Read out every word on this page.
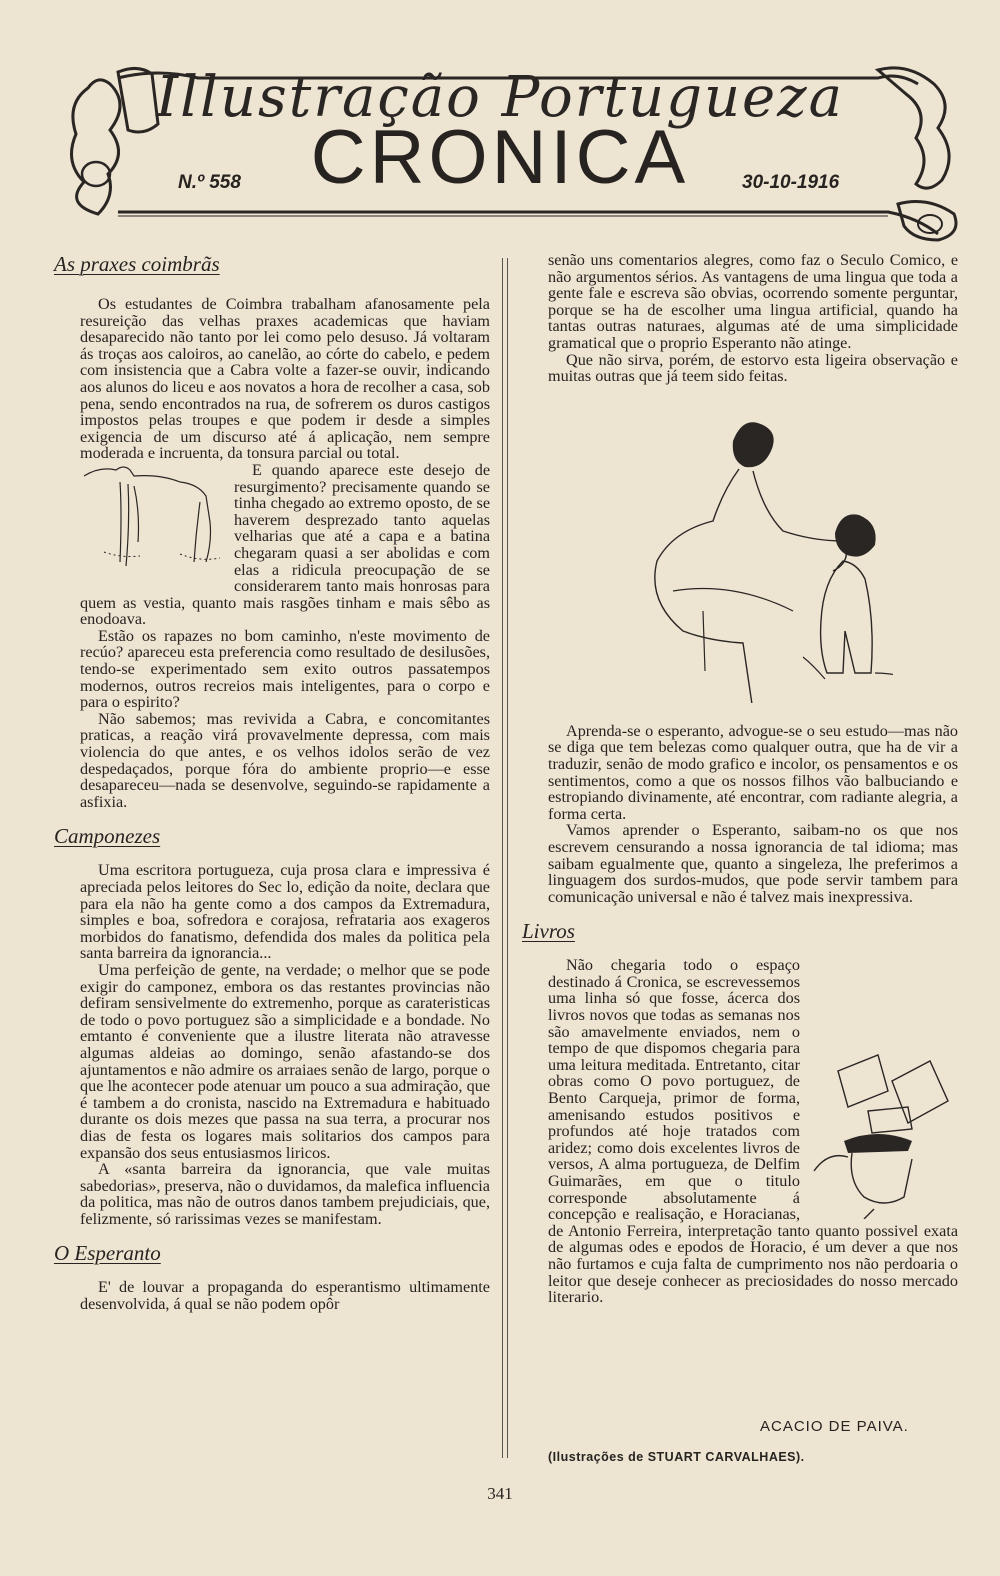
Illustração Portugueza
N.º 558 CRONICA	30-10-1916
As praxes coimbrãs

Os estudantes de Coimbra trabalham afanosamente pela resureição das velhas praxes academicas que haviam desaparecido não tanto por lei como pelo desuso. Já voltaram ás troças aos caloiros, ao canelão, ao córte do cabelo, e pedem com insistencia que a Cabra volte a fazer-se ouvir, indicando aos alunos do liceu e aos novatos a hora de recolher a casa, sob pena, sendo encontrados na rua, de sofrerem os duros castigos impostos pelas troupes e que podem ir desde a simples exigencia de um discurso até á aplicação, nem sempre moderada e incruenta, da tonsura parcial ou total.

E quando aparece este desejo de resurgimento? precisamente quando se tinha chegado ao extremo oposto, de se haverem desprezado tanto aquelas velharias que até a capa e a batina chegaram quasi a ser abolidas e com elas a ridicula preocupação de se considerarem tanto mais honrosas para quem as vestia, quanto mais rasgões tinham e mais sêbo as enodoava.

Estão os rapazes no bom caminho, n'este movimento de recúo? apareceu esta preferencia como resultado de desilusões, tendo-se experimentado sem exito outros passatempos modernos, outros recreios mais inteligentes, para o corpo e para o espirito?

Não sabemos; mas revivida a Cabra, e concomitantes praticas, a reação virá provavelmente depressa, com mais violencia do que antes, e os velhos idolos serão de vez despedaçados, porque fóra do ambiente proprio—e esse desapareceu—nada se desenvolve, seguindo-se rapidamente a asfixia.

Camponezes

Uma escritora portugueza, cuja prosa clara e impressiva é apreciada pelos leitores do Sec lo, edição da noite, declara que para ela não ha gente como a dos campos da Extremadura, simples e boa, sofredora e corajosa, refrataria aos exageros morbidos do fanatismo, defendida dos males da politica pela santa barreira da ignorancia...

Uma perfeição de gente, na verdade; o melhor que se pode exigir do camponez, embora os das restantes provincias não defiram sensivelmente do extremenho, porque as carateristicas de todo o povo portuguez são a simplicidade e a bondade. No emtanto é conveniente que a ilustre literata não atravesse algumas aldeias ao domingo, senão afastando-se dos ajuntamentos e não admire os arraiaes senão de largo, porque o que lhe acontecer pode atenuar um pouco a sua admiração, que é tambem a do cronista, nascido na Extremadura e habituado durante os dois mezes que passa na sua terra, a procurar nos dias de festa os logares mais solitarios dos campos para expansão dos seus entusiasmos liricos.

A «santa barreira da ignorancia, que vale muitas sabedorias», preserva, não o duvidamos, da malefica influencia da politica, mas não de outros danos tambem prejudiciais, que, felizmente, só rarissimas vezes se manifestam.

O Esperanto

E' de louvar a propaganda do esperantismo ultimamente desenvolvida, á qual se não podem opôr

senão uns comentarios alegres, como faz o Seculo Comico, e não argumentos sérios. As vantagens de uma lingua que toda a gente fale e escreva são obvias, ocorrendo somente perguntar, porque se ha de escolher uma lingua artificial, quando ha tantas outras naturaes, algumas até de uma simplicidade gramatical que o proprio Esperanto não atinge.

Que não sirva, porém, de estorvo esta ligeira observação e muitas outras que já teem sido feitas.

Aprenda-se o esperanto, advogue-se o seu estudo—mas não se diga que tem belezas como qualquer outra, que ha de vir a traduzir, senão de modo grafico e incolor, os pensamentos e os sentimentos, como a que os nossos filhos vão balbuciando e estropiando divinamente, até encontrar, com radiante alegria, a forma certa.

Vamos aprender o Esperanto, saibam-no os que nos escrevem censurando a nossa ignorancia de tal idioma; mas saibam egualmente que, quanto a singeleza, lhe preferimos a linguagem dos surdos-mudos, que pode servir tambem para comunicação universal e não é talvez mais inexpressiva.

Livros

Não chegaria todo o espaço destinado á Cronica, se escrevessemos uma linha só que fosse, ácerca dos livros novos que todas as semanas nos são amavelmente enviados, nem o tempo de que dispomos chegaria para uma leitura meditada. Entretanto, citar obras como O povo portuguez, de Bento Carqueja, primor de forma, amenisando estudos positivos e profundos até hoje tratados com aridez; como dois excelentes livros de versos, A alma portugueza, de Delfim Guimarães, em que o titulo corresponde absolutamente á concepção e realisação, e Horacianas, de Antonio Ferreira, interpretação tanto quanto possivel exata de algumas odes e epodos de Horacio, é um dever a que nos não furtamos e cuja falta de cumprimento nos não perdoaria o leitor que deseje conhecer as preciosidades do nosso mercado literario.

ACACIO DE PAIVA.
(Ilustrações de STUART CARVALHAES).
341
